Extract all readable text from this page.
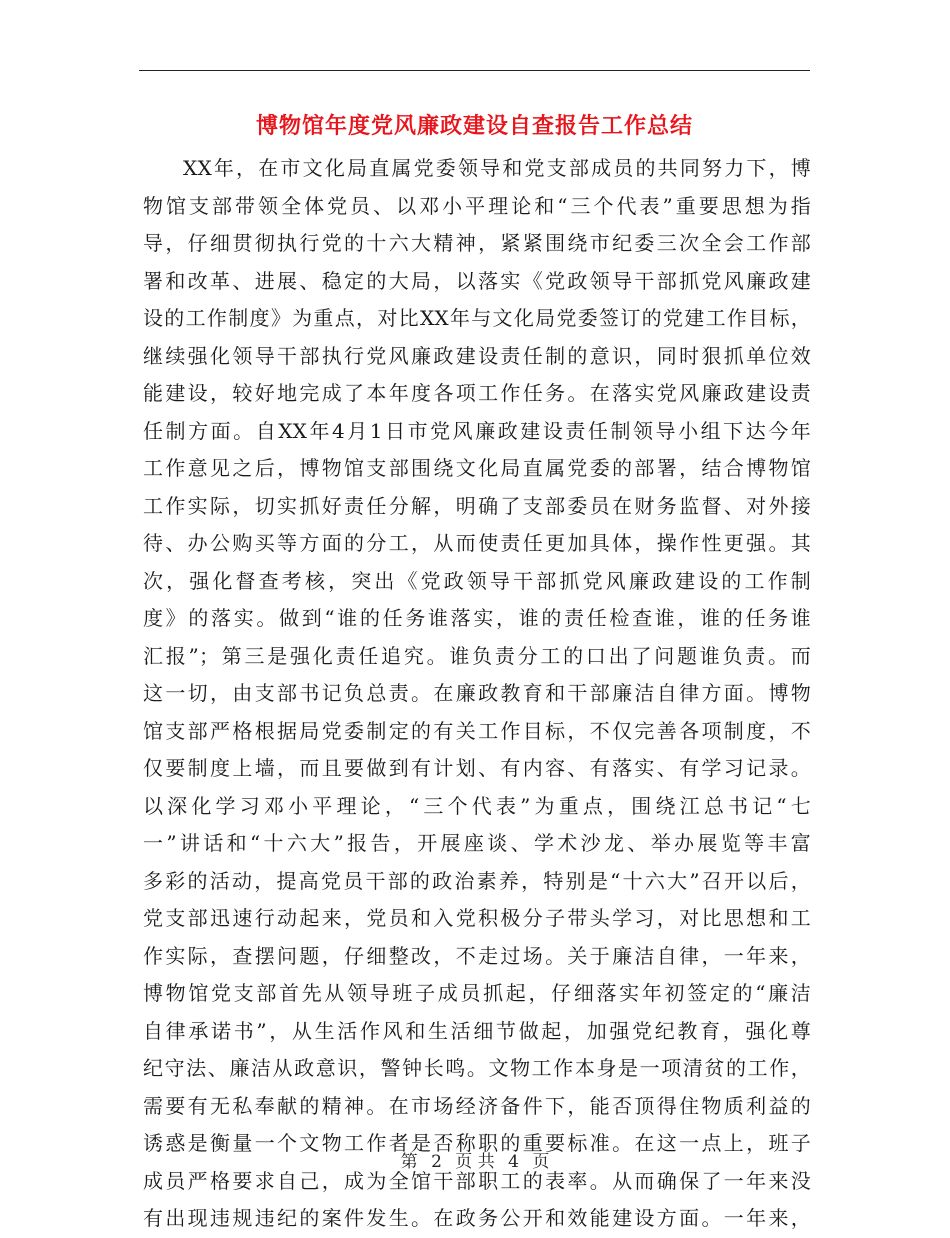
博物馆年度党风廉政建设自查报告工作总结
XX年，在市文化局直属党委领导和党支部成员的共同努力下，博
物馆支部带领全体党员、以邓小平理论和“三个代表”重要思想为指
导，仔细贯彻执行党的十六大精神，紧紧围绕市纪委三次全会工作部
署和改革、进展、稳定的大局，以落实《党政领导干部抓党风廉政建
设的工作制度》为重点，对比XX年与文化局党委签订的党建工作目标，
继续强化领导干部执行党风廉政建设责任制的意识，同时狠抓单位效
能建设，较好地完成了本年度各项工作任务。在落实党风廉政建设责
任制方面。自XX年4月1日市党风廉政建设责任制领导小组下达今年
工作意见之后，博物馆支部围绕文化局直属党委的部署，结合博物馆
工作实际，切实抓好责任分解，明确了支部委员在财务监督、对外接
待、办公购买等方面的分工，从而使责任更加具体，操作性更强。其
次，强化督查考核，突出《党政领导干部抓党风廉政建设的工作制
度》的落实。做到“谁的任务谁落实，谁的责任检查谁，谁的任务谁
汇报”；第三是强化责任追究。谁负责分工的口出了问题谁负责。而
这一切，由支部书记负总责。在廉政教育和干部廉洁自律方面。博物
馆支部严格根据局党委制定的有关工作目标，不仅完善各项制度，不
仅要制度上墙，而且要做到有计划、有内容、有落实、有学习记录。
以深化学习邓小平理论，“三个代表”为重点，围绕江总书记“七
一”讲话和“十六大”报告，开展座谈、学术沙龙、举办展览等丰富
多彩的活动，提高党员干部的政治素养，特别是“十六大”召开以后，
党支部迅速行动起来，党员和入党积极分子带头学习，对比思想和工
作实际，查摆问题，仔细整改，不走过场。关于廉洁自律，一年来，
博物馆党支部首先从领导班子成员抓起，仔细落实年初签定的“廉洁
自律承诺书”，从生活作风和生活细节做起，加强党纪教育，强化尊
纪守法、廉洁从政意识，警钟长鸣。文物工作本身是一项清贫的工作，
需要有无私奉献的精神。在市场经济备件下，能否顶得住物质利益的
诱惑是衡量一个文物工作者是否称职的重要标准。在这一点上，班子
成员严格要求自己，成为全馆干部职工的表率。从而确保了一年来没
有出现违规违纪的案件发生。在政务公开和效能建设方面。一年来，
第 2 页 共 4 页
